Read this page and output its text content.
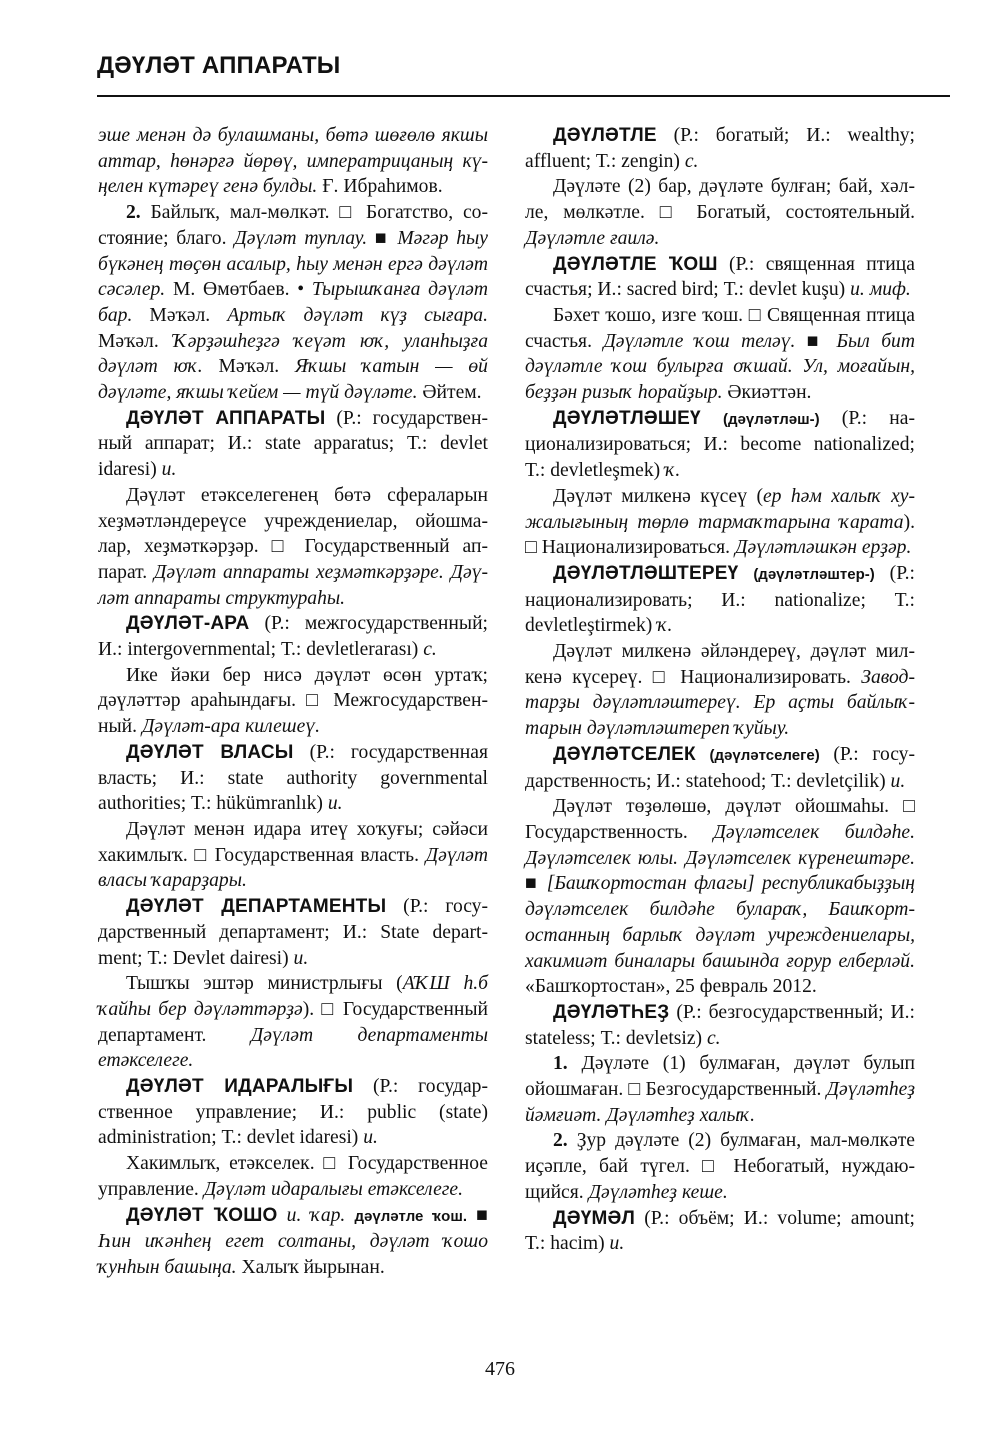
ДӘҮЛӘТ АППАРАТЫ

эше менән дә булашманы, бөтә шөғөлө якшы аттар, һөнәрғә йөрөү, императрицаның күңелен күтәреү генә булды. Ғ. Ибраһимов.

2. Байлыҡ, мал-мөлкәт. □ Богатство, состояние; благо. Дәүләт туплау. ■ Мәгәр һыу бүкәнең төҫөн асалыр, һыу менән ергә дәүләт сәсәлер. М. Өмөтбаев. • Тырышҡанға дәүләт бар. Мәҡәл. Артыҡ дәүләт күҙ сығара. Мәҡәл. Ҡәрҙәшһеҙгә ҡеүәт юҡ, уланһыҙға дәүләт юҡ. Мәҡәл. Яҡшы ҡатын — өй дәүләте, яҡшы ҡейем — түй дәүләте. Әйтем.

ДӘҮЛӘТ АППАРАТЫ (Р.: государственный аппарат; И.: state apparatus; Т.: devlet idaresi) и.

Дәүләт етәкселегенең бөтә сфераларын хеҙмәтләндереүсе учреждениелар, ойошмалар, хеҙмәткәрҙәр. □ Государственный аппарат. Дәүләт аппараты хеҙмәткәрҙәре. Дәүләт аппараты структураһы.

ДӘҮЛӘТ-АРА (Р.: межгосударственный; И.: intergovernmental; Т.: devletlerarası) с.

Ике йәки бер нисә дәүләт өсөн уртаҡ; дәүләттәр араһындағы. □ Межгосударственный. Дәүләт-ара килешеү.

ДӘҮЛӘТ ВЛАСЫ (Р.: государственная власть; И.: state authority governmental authorities; Т.: hükümranlık) и.

Дәүләт менән идара итеү хоҡуғы; сәйәси хакимлыҡ. □ Государственная власть. Дәүләт власы ҡарарҙары.

ДӘҮЛӘТ ДЕПАРТАМЕНТЫ (Р.: государственный департамент; И.: State department; Т.: Devlet dairesi) и.

Тышҡы эштәр министрлығы (АҠШ һ.б ҡайһы бер дәүләттәрҙә). □ Государственный департамент. Дәүләт департаменты етәкселеге.

ДӘҮЛӘТ ИДАРАЛЫҒЫ (Р.: государственное управление; И.: public (state) administration; Т.: devlet idaresi) и.

Хакимлыҡ, етәкселек. □ Государственное управление. Дәүләт идаралығы етәкселеге.

ДӘҮЛӘТ ҠОШО и. ҡар. дәүләтле ҡош. ■ Һин иҡәнһең егет солтаны, дәүләт ҡошо ҡунһын башыңа. Халыҡ йырынан.

ДӘҮЛӘТЛЕ (Р.: богатый; И.: wealthy; affluent; Т.: zengin) с.

Дәүләте (2) бар, дәүләте булған; бай, хәлле, мөлкәтле. □ Богатый, состоятельный. Дәүләтле ғаилә.

ДӘҮЛӘТЛЕ ҠОШ (Р.: священная птица счастья; И.: sacred bird; Т.: devlet kuşu) и. миф.

Бәхет ҡошо, изге ҡош. □ Священная птица счастья. Дәүләтле ҡош теләү. ■ Был бит дәүләтле ҡош булырға оҡшай. Ул, моғайын, беҙҙән ризыҡ һорайҙыр. Әкиәттән.

ДӘҮЛӘТЛӘШЕҮ (дәүләтләш-) (Р.: национализироваться; И.: become nationalized; Т.: devletleşmek) ҡ.

Дәүләт милкенә күсеү (ер һәм халыҡ хужалығының төрлө тармаҡтарына ҡарата). □ Национализироваться. Дәүләтләшкән ерҙәр.

ДӘҮЛӘТЛӘШТЕРЕҮ (дәүләтләштер-) (Р.: национализировать; И.: nationalize; Т.: devletleştirmek) ҡ.

Дәүләт милкенә әйләндереү, дәүләт милкенә күсереү. □ Национализировать. Заводтарҙы дәүләтләштереү. Ер аҫты байлыҡтарын дәүләтләштереп ҡуйыу.

ДӘҮЛӘТСЕЛЕК (дәүләтселеге) (Р.: государственность; И.: statehood; Т.: devletçilik) и.

Дәүләт төҙөлөшө, дәүләт ойошмаһы. □ Государственность. Дәүләтселек билдәһе. Дәүләтселек юлы. Дәүләтселек күренештәре. ■ [Башҡортостан флагы] республикабыҙҙың дәүләтселек билдәһе булараҡ, Башҡортостанның барлыҡ дәүләт учреждениелары, хакимиәт биналары башында ғорур елберләй. «Башҡортостан», 25 февраль 2012.

ДӘҮЛӘТҺЕҘ (Р.: безгосударственный; И.: stateless; Т.: devletsiz) с.

1. Дәүләте (1) булмаған, дәүләт булып ойошмаған. □ Безгосударственный. Дәүләтһеҙ йәмғиәт. Дәүләтһеҙ халыҡ.

2. Ҙур дәүләте (2) булмаған, мал-мөлкәте иҫәпле, бай түгел. □ Небогатый, нуждающийся. Дәүләтһеҙ кеше.

ДӘҮМӘЛ (Р.: объём; И.: volume; amount; Т.: hacim) и.

476
